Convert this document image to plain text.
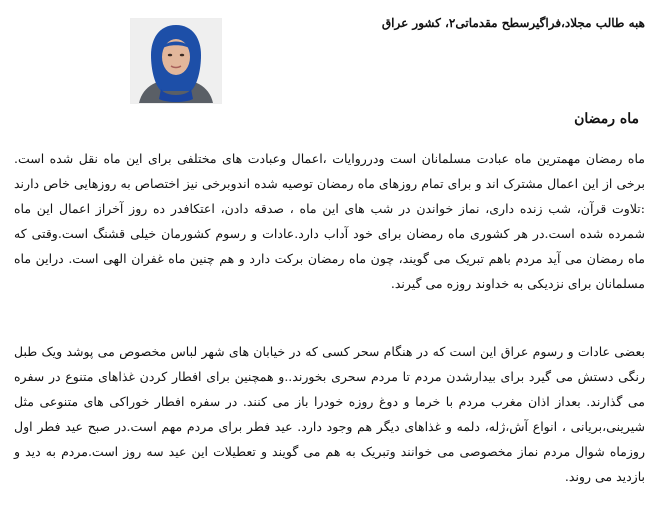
هبه طالب مجلاد،فراگیرسطح مقدماتی۲، کشور عراق
ماه رمضان

ماه رمضان مهمترین ماه عبادت مسلمانان است ودرروایات ،اعمال وعبادت های مختلفی برای این ماه نقل شده است. برخی از این اعمال مشترک اند و برای تمام روزهای ماه رمضان توصیه شده اندوبرخی نیز اختصاص به روزهایی خاص دارند :تلاوت قرآن، شب زنده داری، نماز خواندن در شب های این ماه ، صدقه دادن، اعتکافدر ده روز آخراز اعمال این ماه شمرده شده است.در هر کشوری ماه رمضان برای خود آداب دارد.عادات و رسوم کشورمان خیلی قشنگ است.وقتی که ماه رمضان می آید مردم باهم تبریک می گویند، چون ماه رمضان برکت دارد و هم چنین ماه غفران الهی است. دراین ماه مسلمانان برای نزدیکی به خداوند روزه می گیرند.

بعضی عادات و رسوم عراق این است که در هنگام سحر کسی که در خیابان های شهر لباس مخصوص می پوشد ویک طبل رنگی دستش می گیرد برای بیدارشدن مردم تا مردم سحری بخورند..و همچنین برای افطار کردن غذاهای متنوع در سفره می گذارند. بعداز اذان مغرب مردم با خرما و دوغ روزه خودرا باز می کنند. در سفره افطار خوراکی های متنوعی مثل شیرینی،بریانی ، انواع آش،ژله، دلمه و غذاهای دیگر هم وجود دارد. عید فطر برای مردم مهم است.در صبح عید فطر اول روزماه شوال مردم نماز مخصوصی می خوانند وتبریک به هم می گویند و تعطیلات این عید سه روز است.مردم به دید و بازدید می روند.
